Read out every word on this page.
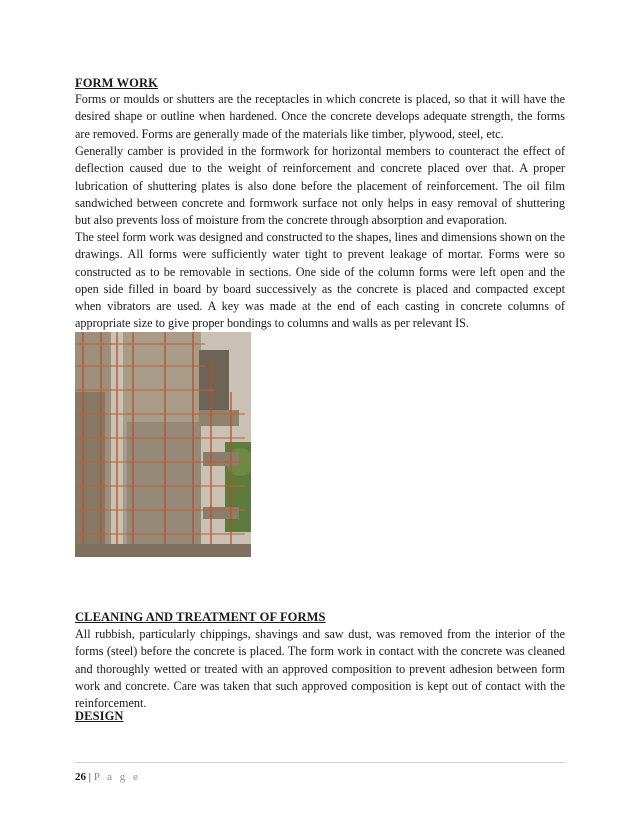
FORM WORK

Forms or moulds or shutters are the receptacles in which concrete is placed, so that it will have the desired shape or outline when hardened. Once the concrete develops adequate strength, the forms are removed. Forms are generally made of the materials like timber, plywood, steel, etc.

Generally camber is provided in the formwork for horizontal members to counteract the effect of deflection caused due to the weight of reinforcement and concrete placed over that. A proper lubrication of shuttering plates is also done before the placement of reinforcement. The oil film sandwiched between concrete and formwork surface not only helps in easy removal of shuttering but also prevents loss of moisture from the concrete through absorption and evaporation.

The steel form work was designed and constructed to the shapes, lines and dimensions shown on the drawings. All forms were sufficiently water tight to prevent leakage of mortar. Forms were so constructed as to be removable in sections. One side of the column forms were left open and the open side filled in board by board successively as the concrete is placed and compacted except when vibrators are used. A key was made at the end of each casting in concrete columns of appropriate size to give proper bondings to columns and walls as per relevant IS.

CLEANING AND TREATMENT OF FORMS

All rubbish, particularly chippings, shavings and saw dust, was removed from the interior of the forms (steel) before the concrete is placed. The form work in contact with the concrete was cleaned and thoroughly wetted or treated with an approved composition to prevent adhesion between form work and concrete. Care was taken that such approved composition is kept out of contact with the reinforcement.

DESIGN
26 | P a g e
